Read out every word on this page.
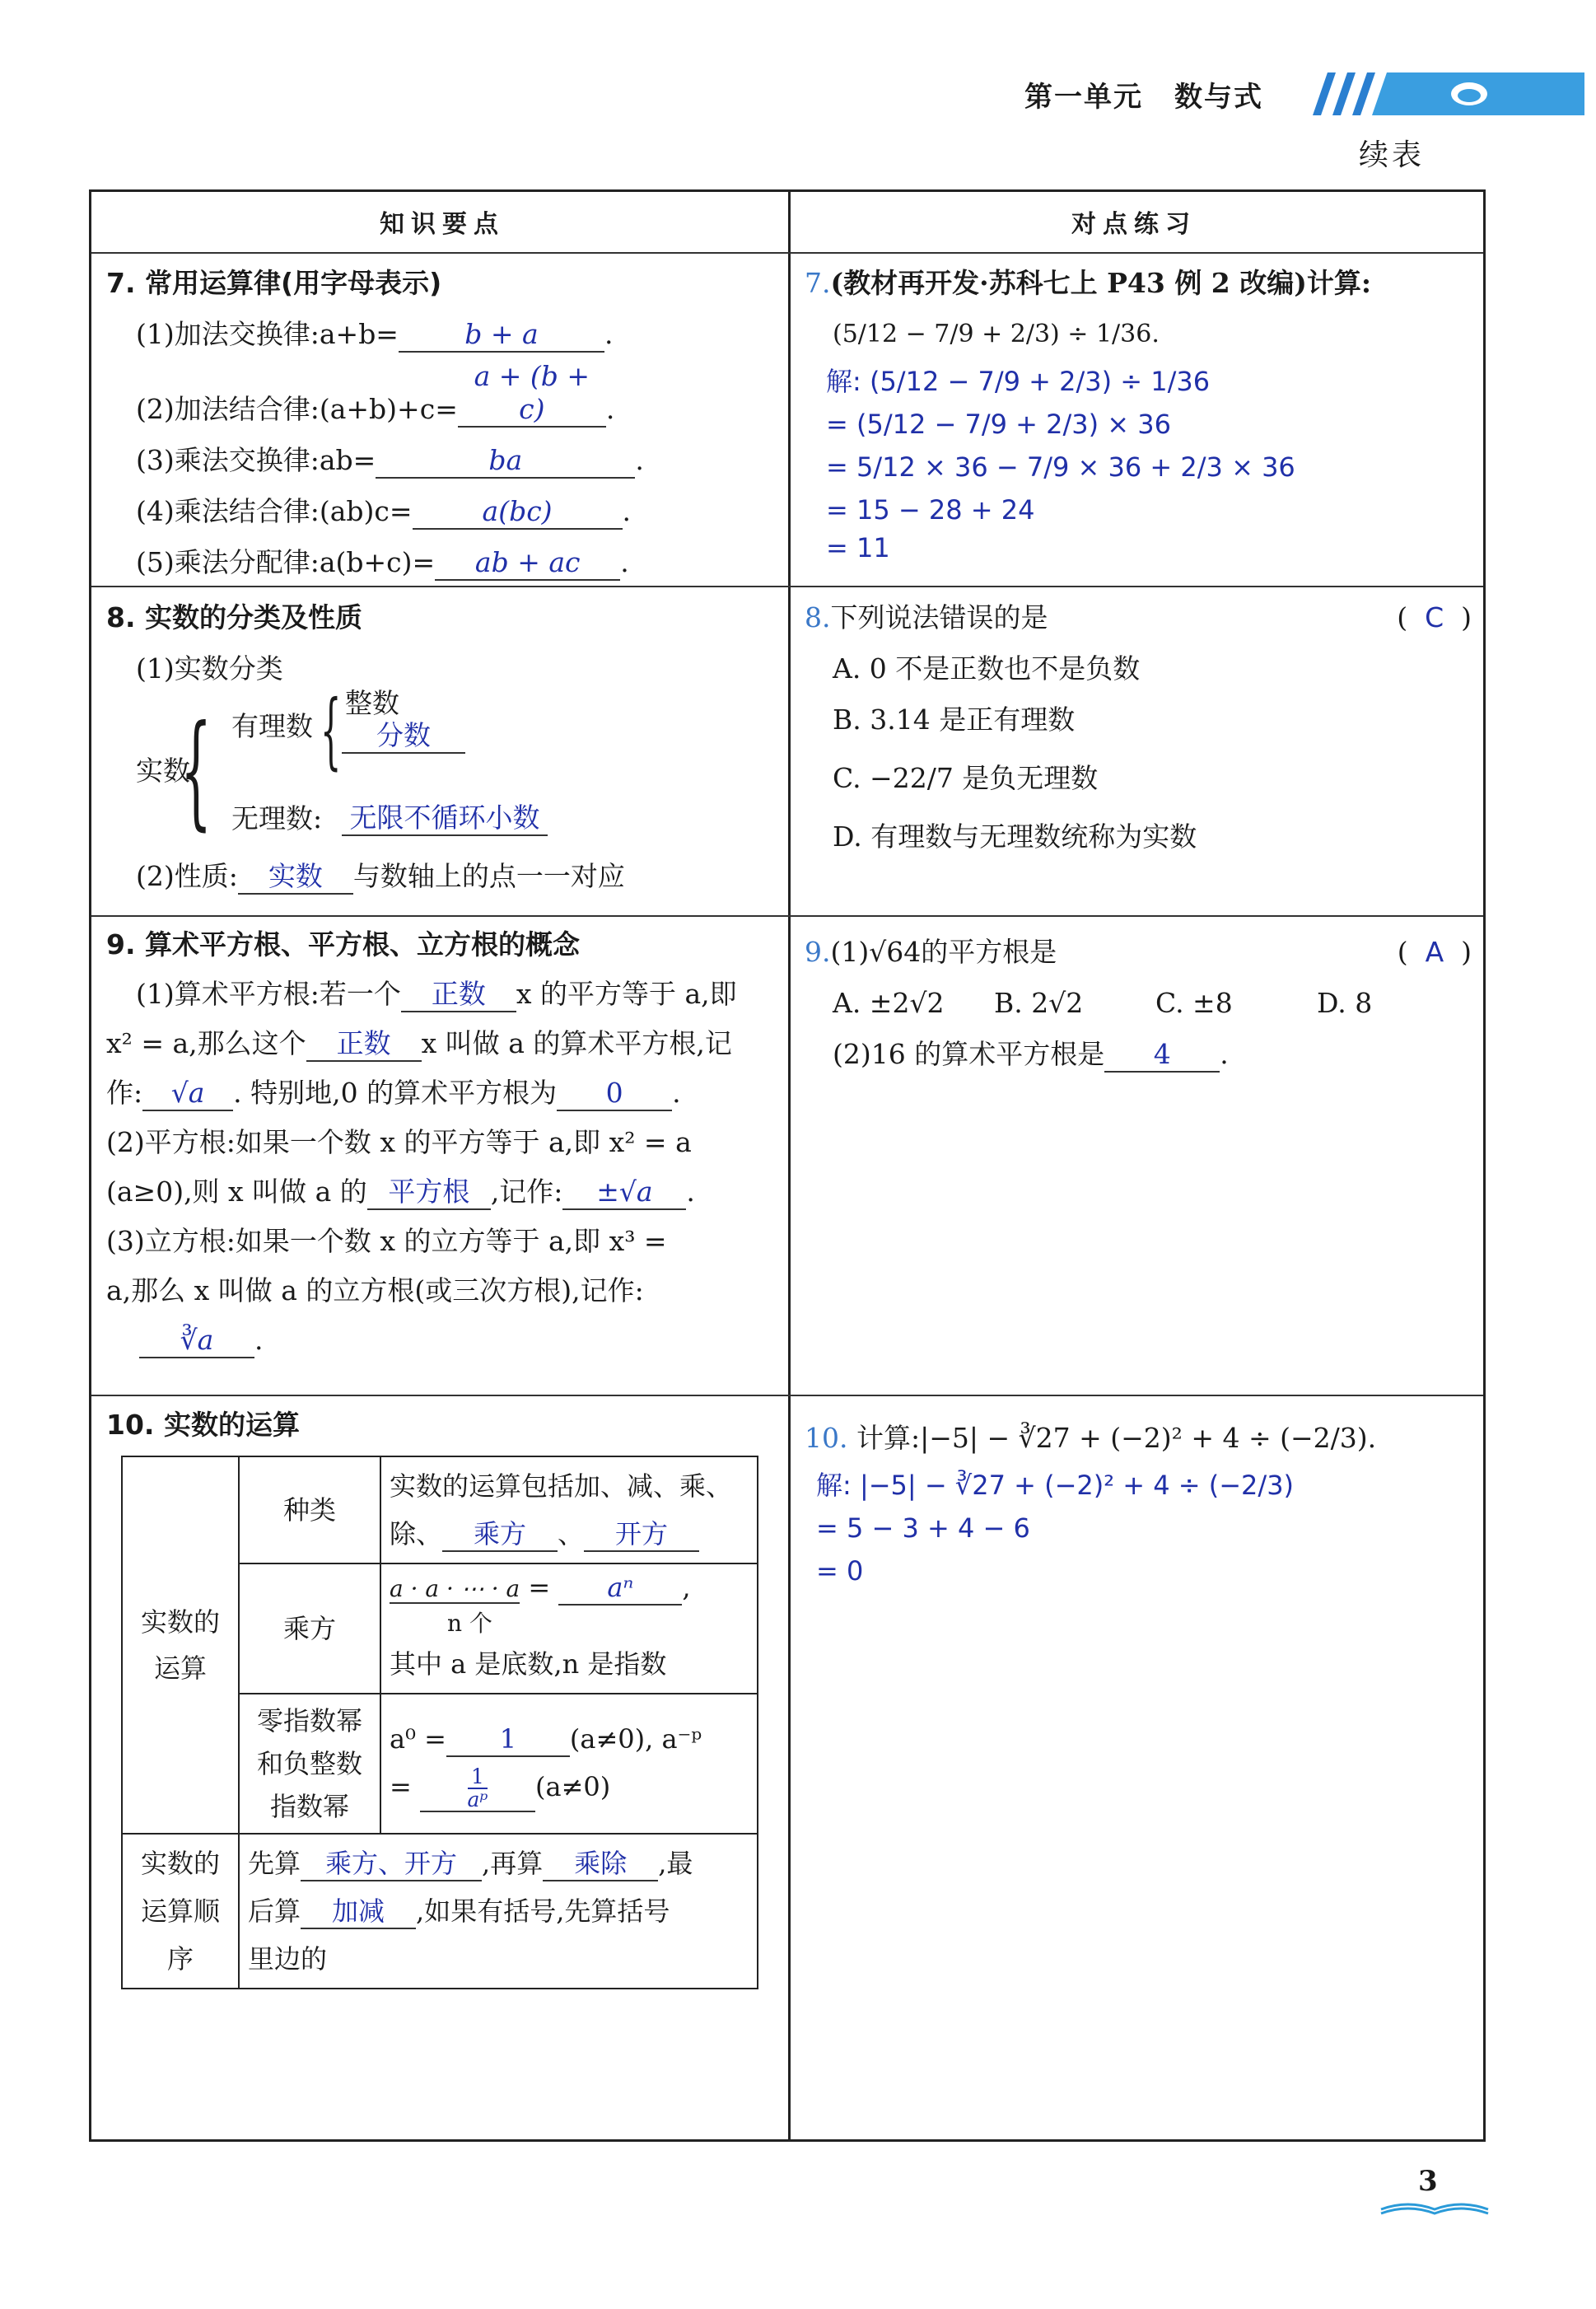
第一单元 数与式
续表
知识要点	对点练习
7. 常用运算律(用字母表示)
(1)加法交换律:a+b= b + a .
(2)加法结合律:(a+b)+c=a + (b + c) .
(3)乘法交换律:ab=	ba	.
(4)乘法结合律:(ab)c=	a(bc)	.
(5)乘法分配律:a(b+c)= ab + ac .
7.(教材再开发·苏科七上 P43 例 2 改编)计算:
(5/12 − 7/9 + 2/3) ÷ 1/36.
解: (5/12 − 7/9 + 2/3) ÷ 1/36
= (5/12 − 7/9 + 2/3) × 36
= 5/12 × 36 − 7/9 × 36 + 2/3 × 36
= 15 − 28 + 24
= 11
8. 实数的分类及性质
(1)实数分类
实数
{ 有理数 { 整数
分数
无理数: 无限不循环小数
(2)性质: 实数 与数轴上的点一一对应
8.下列说法错误的是	(  C  )
A. 0 不是正数也不是负数
B. 3.14 是正有理数
C. −22/7 是负无理数
D. 有理数与无理数统称为实数
9. 算术平方根、平方根、立方根的概念
(1)算术平方根:若一个 正数 x 的平方等于 a,即
x² = a,那么这个 正数 x 叫做 a 的算术平方根,记
作: √a . 特别地,0 的算术平方根为 0 .
(2)平方根:如果一个数 x 的平方等于 a,即 x² = a
(a≥0),则 x 叫做 a 的 平方根 ,记作: ±√a .
(3)立方根:如果一个数 x 的立方等于 a,即 x³ =
a,那么 x 叫做 a 的立方根(或三次方根),记作:
∛a .
9.(1)√64的平方根是	(  A  )
A. ±2√2	B. 2√2	C. ±8	D. 8
(2)16 的算术平方根是 4 .
10. 实数的运算
实数的运算	种类	实数的运算包括加、减、乘、
除、 乘方 、 开方

	乘方	a · a · ⋯ · a = aⁿ ,
n 个
其中 a 是底数,n 是指数

	零指数幂和负整数指数幂	a⁰ = 1 (a≠0), a⁻ᵖ
= $\frac{1}{\text{aᵖ}} (a\ne 0)$

实数的运算顺序	先算 乘方、开方 ,再算 乘除 ,最
后算 加减 ,如果有括号,先算括号
里边的	
10. 计算:|−5| − ∛27 + (−2)² + 4 ÷ (−2/3).
解: |−5| − ∛27 + (−2)² + 4 ÷ (−2/3)
= 5 − 3 + 4 − 6
= 0
3
